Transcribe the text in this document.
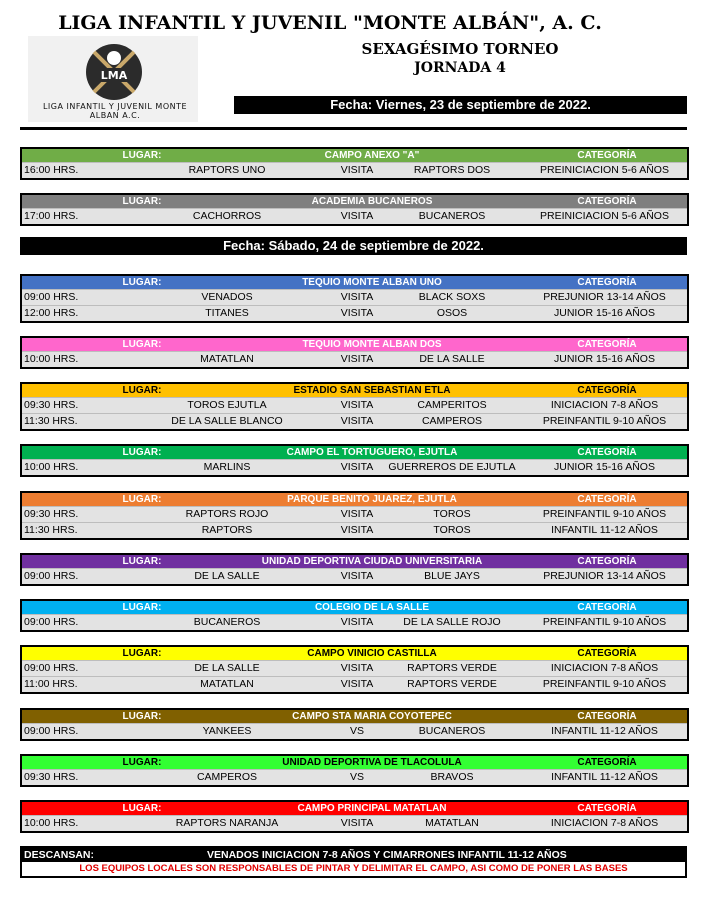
LIGA INFANTIL Y JUVENIL "MONTE ALBÁN", A. C.
SEXAGÉSIMO TORNEO
JORNADA 4
LMA
LIGA INFANTIL Y JUVENIL MONTE ALBAN A.C.
Fecha: Viernes, 23 de septiembre de 2022.
Fecha: Sábado, 24 de septiembre de 2022.
LUGAR:	CAMPO ANEXO "A"	CATEGORÍA
16:00 HRS.	RAPTORS UNO	VISITA	RAPTORS DOS	PREINICIACION 5-6 AÑOS
LUGAR:	ACADEMIA BUCANEROS	CATEGORÍA
17:00 HRS.	CACHORROS	VISITA	BUCANEROS	PREINICIACION 5-6 AÑOS
LUGAR:	TEQUIO MONTE ALBAN UNO	CATEGORÍA
09:00 HRS.	VENADOS	VISITA	BLACK SOXS	PREJUNIOR 13-14 AÑOS
12:00 HRS.	TITANES	VISITA	OSOS	JUNIOR 15-16 AÑOS
LUGAR:	TEQUIO MONTE ALBAN DOS	CATEGORÍA
10:00 HRS.	MATATLAN	VISITA	DE LA SALLE	JUNIOR 15-16 AÑOS
LUGAR:	ESTADIO SAN SEBASTIAN ETLA	CATEGORÍA
09:30 HRS.	TOROS EJUTLA	VISITA	CAMPERITOS	INICIACION 7-8 AÑOS
11:30 HRS.	DE LA SALLE BLANCO	VISITA	CAMPEROS	PREINFANTIL 9-10 AÑOS
LUGAR:	CAMPO EL TORTUGUERO, EJUTLA	CATEGORÍA
10:00 HRS.	MARLINS	VISITA	GUERREROS DE EJUTLA	JUNIOR 15-16 AÑOS
LUGAR:	PARQUE BENITO JUAREZ, EJUTLA	CATEGORÍA
09:30 HRS.	RAPTORS ROJO	VISITA	TOROS	PREINFANTIL 9-10 AÑOS
11:30 HRS.	RAPTORS	VISITA	TOROS	INFANTIL 11-12 AÑOS
LUGAR:	UNIDAD DEPORTIVA CIUDAD UNIVERSITARIA	CATEGORÍA
09:00 HRS.	DE LA SALLE	VISITA	BLUE JAYS	PREJUNIOR 13-14 AÑOS
LUGAR:	COLEGIO DE LA SALLE	CATEGORÍA
09:00 HRS.	BUCANEROS	VISITA	DE LA SALLE ROJO	PREINFANTIL 9-10 AÑOS
LUGAR:	CAMPO VINICIO CASTILLA	CATEGORÍA
09:00 HRS.	DE LA SALLE	VISITA	RAPTORS VERDE	INICIACION 7-8 AÑOS
11:00 HRS.	MATATLAN	VISITA	RAPTORS VERDE	PREINFANTIL 9-10 AÑOS
LUGAR:	CAMPO STA MARIA COYOTEPEC	CATEGORÍA
09:00 HRS.	YANKEES	VS	BUCANEROS	INFANTIL 11-12 AÑOS
LUGAR:	UNIDAD DEPORTIVA DE TLACOLULA	CATEGORÍA
09:30 HRS.	CAMPEROS	VS	BRAVOS	INFANTIL 11-12 AÑOS
LUGAR:	CAMPO PRINCIPAL MATATLAN	CATEGORÍA
10:00 HRS.	RAPTORS NARANJA	VISITA	MATATLAN	INICIACION 7-8 AÑOS
DESCANSAN:	VENADOS INICIACION 7-8 AÑOS Y CIMARRONES INFANTIL 11-12 AÑOS
LOS EQUIPOS LOCALES SON RESPONSABLES DE PINTAR Y DELIMITAR EL CAMPO, ASI COMO DE PONER LAS BASES
